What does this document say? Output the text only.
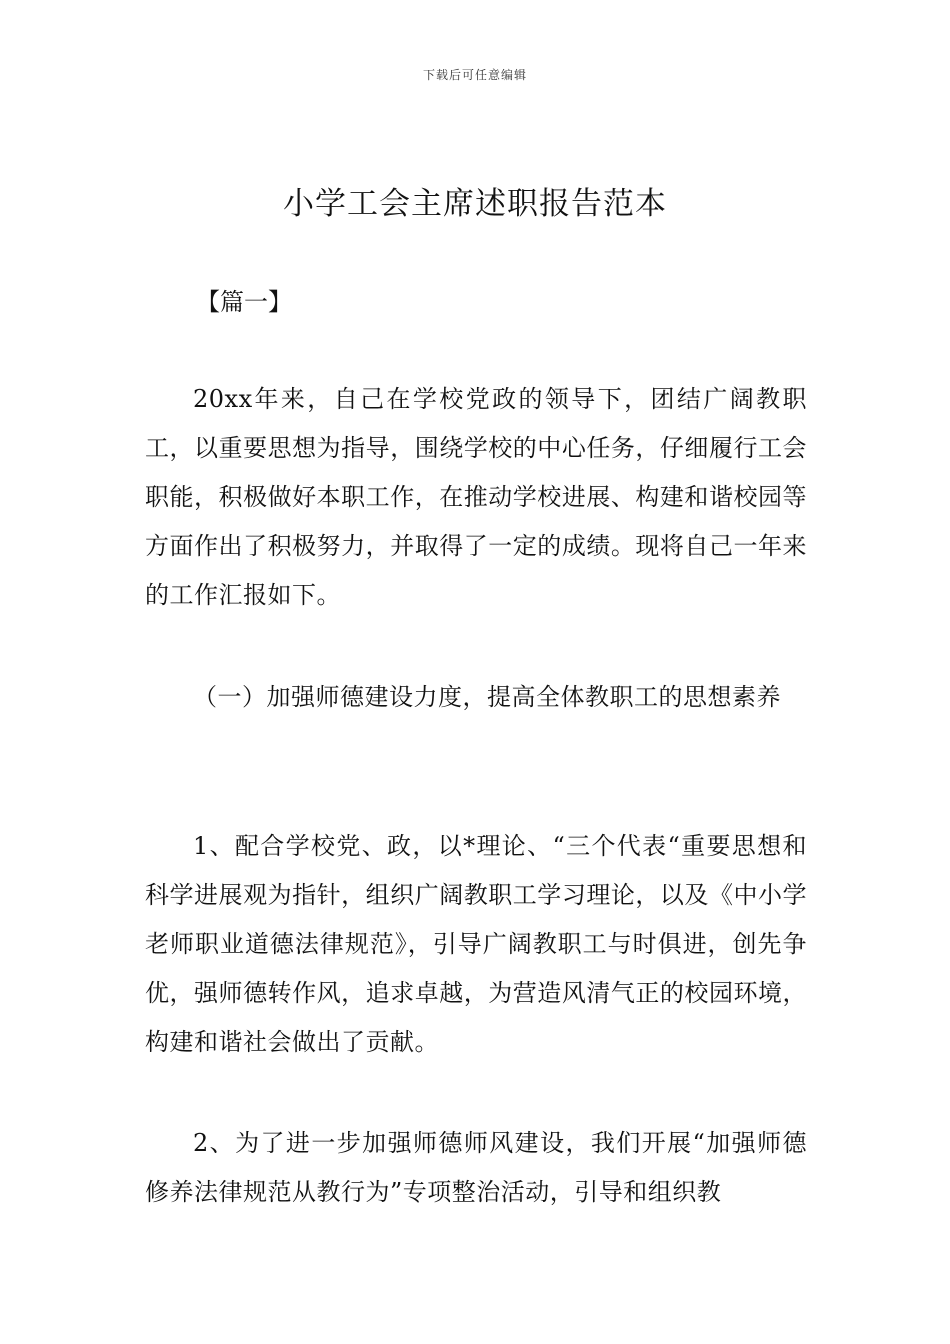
下载后可任意编辑
小学工会主席述职报告范本
【篇一】
20xx年来，自己在学校党政的领导下，团结广阔教职工，以重要思想为指导，围绕学校的中心任务，仔细履行工会职能，积极做好本职工作，在推动学校进展、构建和谐校园等方面作出了积极努力，并取得了一定的成绩。现将自己一年来的工作汇报如下。
（一）加强师德建设力度，提高全体教职工的思想素养
1、配合学校党、政，以*理论、“三个代表“重要思想和科学进展观为指针，组织广阔教职工学习理论，以及《中小学老师职业道德法律规范》，引导广阔教职工与时俱进，创先争优，强师德转作风，追求卓越，为营造风清气正的校园环境，构建和谐社会做出了贡献。
2、为了进一步加强师德师风建设，我们开展“加强师德修养法律规范从教行为”专项整治活动，引导和组织教
